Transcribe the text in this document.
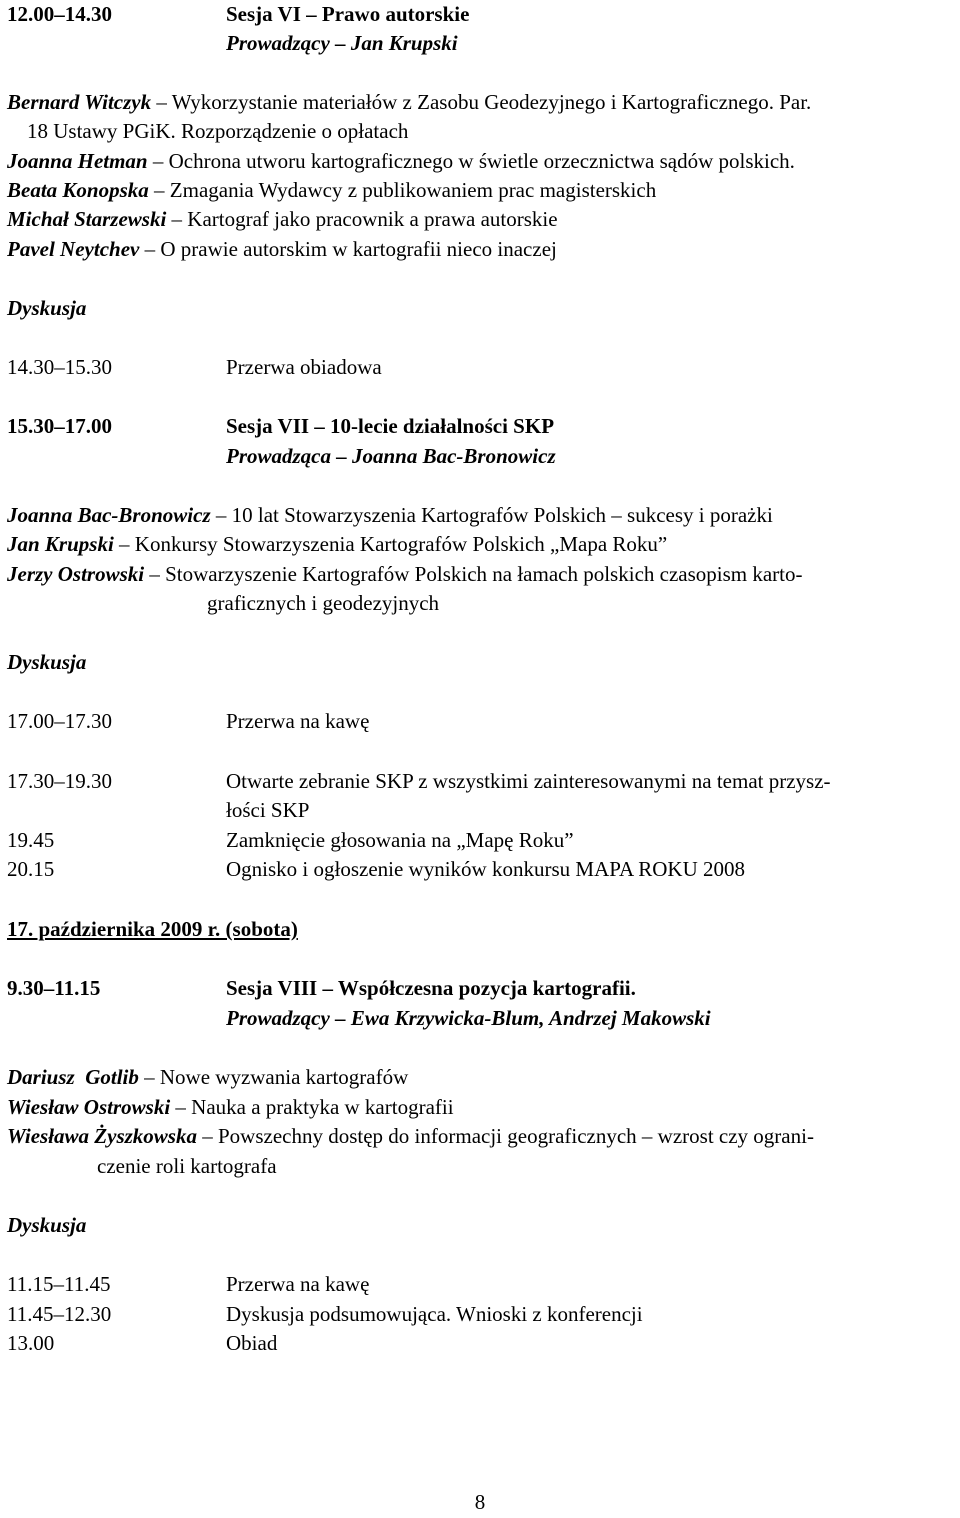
12.00–14.30	Sesja VI – Prawo autorskie
Prowadzący – Jan Krupski
Bernard Witczyk – Wykorzystanie materiałów z Zasobu Geodezyjnego i Kartograficznego. Par.
18 Ustawy PGiK. Rozporządzenie o opłatach
Joanna Hetman – Ochrona utworu kartograficznego w świetle orzecznictwa sądów polskich.
Beata Konopska – Zmagania Wydawcy z publikowaniem prac magisterskich
Michał Starzewski – Kartograf jako pracownik a prawa autorskie
Pavel Neytchev – O prawie autorskim w kartografii nieco inaczej
Dyskusja
14.30–15.30	Przerwa obiadowa
15.30–17.00	Sesja VII – 10-lecie działalności SKP
Prowadząca – Joanna Bac-Bronowicz
Joanna Bac-Bronowicz – 10 lat Stowarzyszenia Kartografów Polskich – sukcesy i porażki
Jan Krupski – Konkursy Stowarzyszenia Kartografów Polskich „Mapa Roku”
Jerzy Ostrowski – Stowarzyszenie Kartografów Polskich na łamach polskich czasopism karto-
graficznych i geodezyjnych
Dyskusja
17.00–17.30	Przerwa na kawę
17.30–19.30	Otwarte zebranie SKP z wszystkimi zainteresowanymi na temat przysz-
łości SKP
19.45	Zamknięcie głosowania na „Mapę Roku”
20.15	Ognisko i ogłoszenie wyników konkursu MAPA ROKU 2008
17. października 2009 r. (sobota)
9.30–11.15	Sesja VIII – Współczesna pozycja kartografii.
Prowadzący – Ewa Krzywicka-Blum, Andrzej Makowski
Dariusz  Gotlib – Nowe wyzwania kartografów
Wiesław Ostrowski – Nauka a praktyka w kartografii
Wiesława Żyszkowska – Powszechny dostęp do informacji geograficznych – wzrost czy ograni-
czenie roli kartografa
Dyskusja
11.15–11.45	Przerwa na kawę
11.45–12.30	Dyskusja podsumowująca. Wnioski z konferencji
13.00	Obiad
8
